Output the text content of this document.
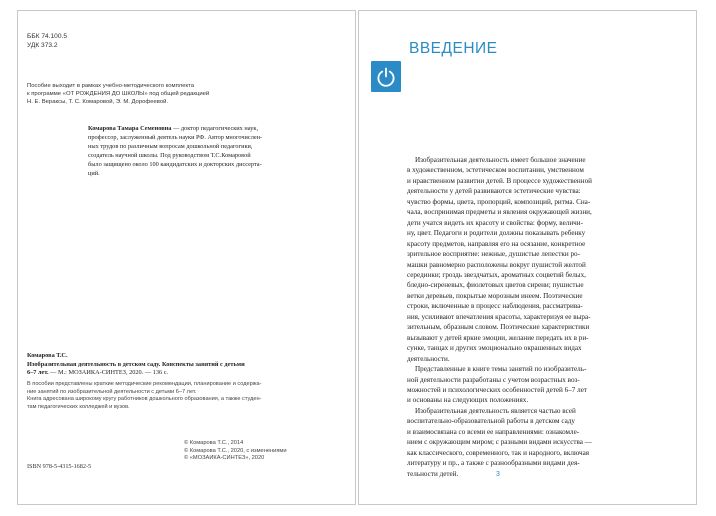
ББК 74.100.5
УДК 373.2
Пособие выходит в рамках учебно-методического комплекта
к программе «ОТ РОЖДЕНИЯ ДО ШКОЛЫ» под общей редакцией
Н. Е. Вераксы, Т. С. Комаровой, Э. М. Дорофеевой.
Комарова Тамара Семеновна — доктор педагогических наук,
профессор, заслуженный деятель науки РФ. Автор многочислен-
ных трудов по различным вопросам дошкольной педагогики,
создатель научной школы. Под руководством Т.С.Комаровой
было защищено около 100 кандидатских и докторских диссерта-
ций.
Комарова Т.С.
Изобразительная деятельность в детском саду. Конспекты занятий с детьми
6–7 лет. — М.: МОЗАИКА-СИНТЕЗ, 2020. — 136 с.
В пособии представлены краткие методические рекомендации, планирование и содержа-
ние занятий по изобразительной деятельности с детьми 6–7 лет.
Книга адресована широкому кругу работников дошкольного образования, а также студен-
там педагогических колледжей и вузов.
ISBN 978-5-4315-1682-5
© Комарова Т.С., 2014
© Комарова Т.С., 2020, с изменениями
© «МОЗАИКА-СИНТЕЗ», 2020
ВВЕДЕНИЕ
Изобразительная деятельность имеет большое значение
в художественном, эстетическом воспитании, умственном
и нравственном развитии детей. В процессе художественной
деятельности у детей развиваются эстетические чувства:
чувство формы, цвета, пропорций, композиций, ритма. Сна-
чала, воспринимая предметы и явления окружающей жизни,
дети учатся видеть их красоту и свойства: форму, величи-
ну, цвет. Педагоги и родители должны показывать ребенку
красоту предметов, направляя его на осязание, конкретное
зрительное восприятие: нежные, душистые лепестки ро-
машки равномерно расположены вокруг пушистой желтой
серединки; гроздь звездчатых, ароматных соцветий белых,
бледно-сиреневых, фиолетовых цветов сирени; пушистые
ветки деревьев, покрытые морозным инеем. Поэтические
строки, включенные в процесс наблюдения, рассматрива-
ния, усиливают впечатления красоты, характеризуя ее выра-
зительным, образным словом. Поэтические характеристики
вызывают у детей яркие эмоции, желание передать их в ри-
сунке, танцах и других эмоционально окрашенных видах
деятельности.
Представленные в книге темы занятий по изобразитель-
ной деятельности разработаны с учетом возрастных воз-
можностей и психологических особенностей детей 6–7 лет
и основаны на следующих положениях.
Изобразительная деятельность является частью всей
воспитательно-образовательной работы в детском саду
и взаимосвязана со всеми ее направлениями: ознакомле-
нием с окружающим миром; с разными видами искусства —
как классического, современного, так и народного, включая
литературу и пр., а также с разнообразными видами дея-
тельности детей.	3
